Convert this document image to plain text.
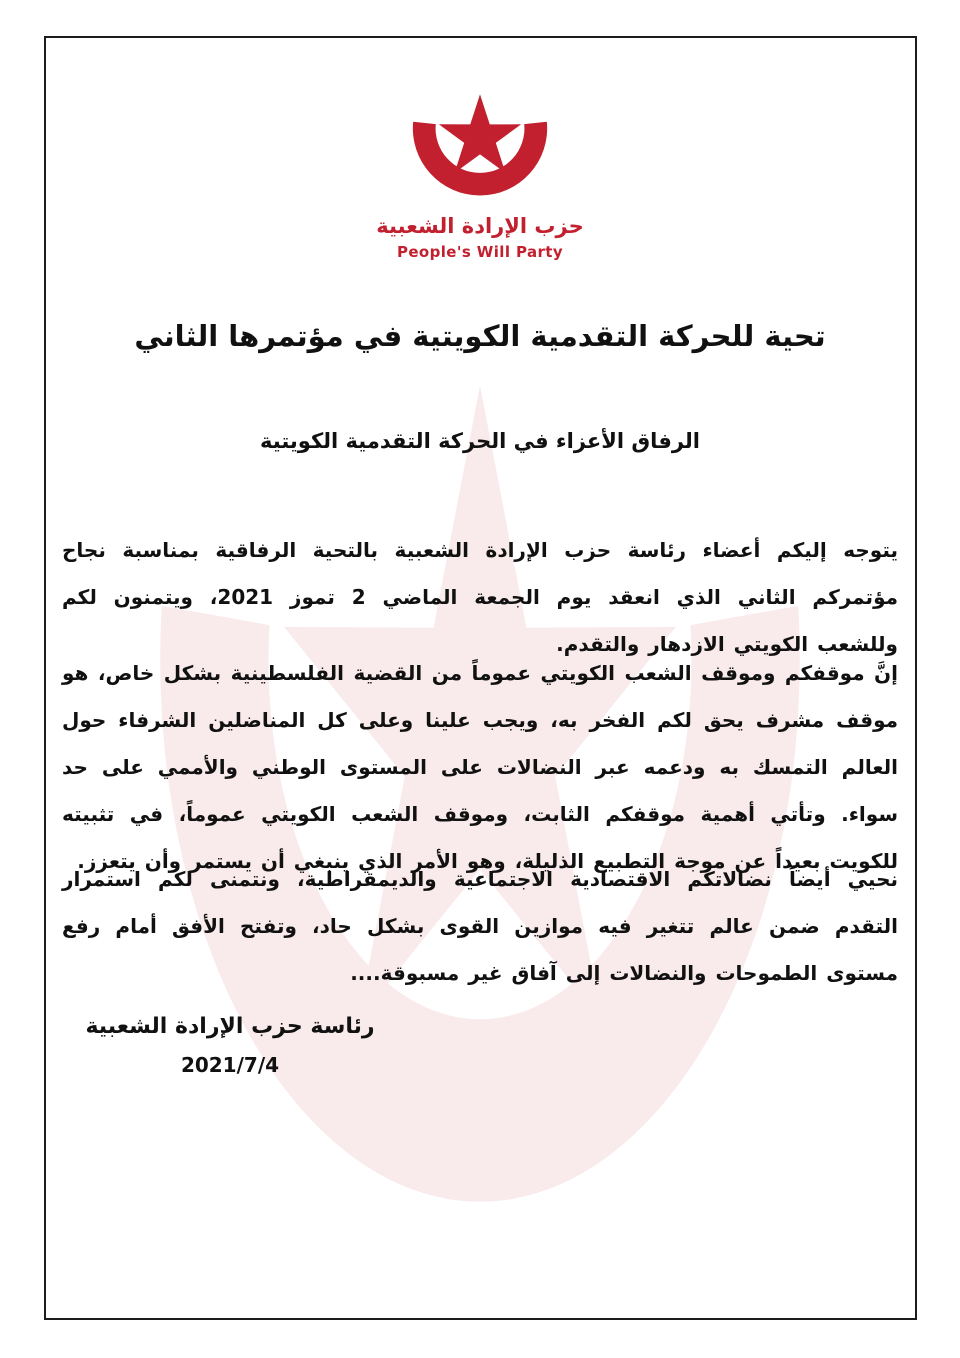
حزب الإرادة الشعبية
People's Will Party
تحية للحركة التقدمية الكويتية في مؤتمرها الثاني
الرفاق الأعزاء في الحركة التقدمية الكويتية

يتوجه إليكم أعضاء رئاسة حزب الإرادة الشعبية بالتحية الرفاقية بمناسبة نجاح مؤتمركم الثاني الذي انعقد يوم الجمعة الماضي 2 تموز 2021، ويتمنون لكم وللشعب الكويتي الازدهار والتقدم.

إنَّ موقفكم وموقف الشعب الكويتي عموماً من القضية الفلسطينية بشكل خاص، هو موقف مشرف يحق لكم الفخر به، ويجب علينا وعلى كل المناضلين الشرفاء حول العالم التمسك به ودعمه عبر النضالات على المستوى الوطني والأممي على حد سواء. وتأتي أهمية موقفكم الثابت، وموقف الشعب الكويتي عموماً، في تثبيته للكويت بعيداً عن موجة التطبيع الذليلة، وهو الأمر الذي ينبغي أن يستمر وأن يتعزز.

نحيي أيضاً نضالاتكم الاقتصادية الاجتماعية والديمقراطية، ونتمنى لكم استمرار التقدم ضمن عالم تتغير فيه موازين القوى بشكل حاد، وتفتح الأفق أمام رفع مستوى الطموحات والنضالات إلى آفاق غير مسبوقة....

رئاسة حزب الإرادة الشعبية
2021/7/4
